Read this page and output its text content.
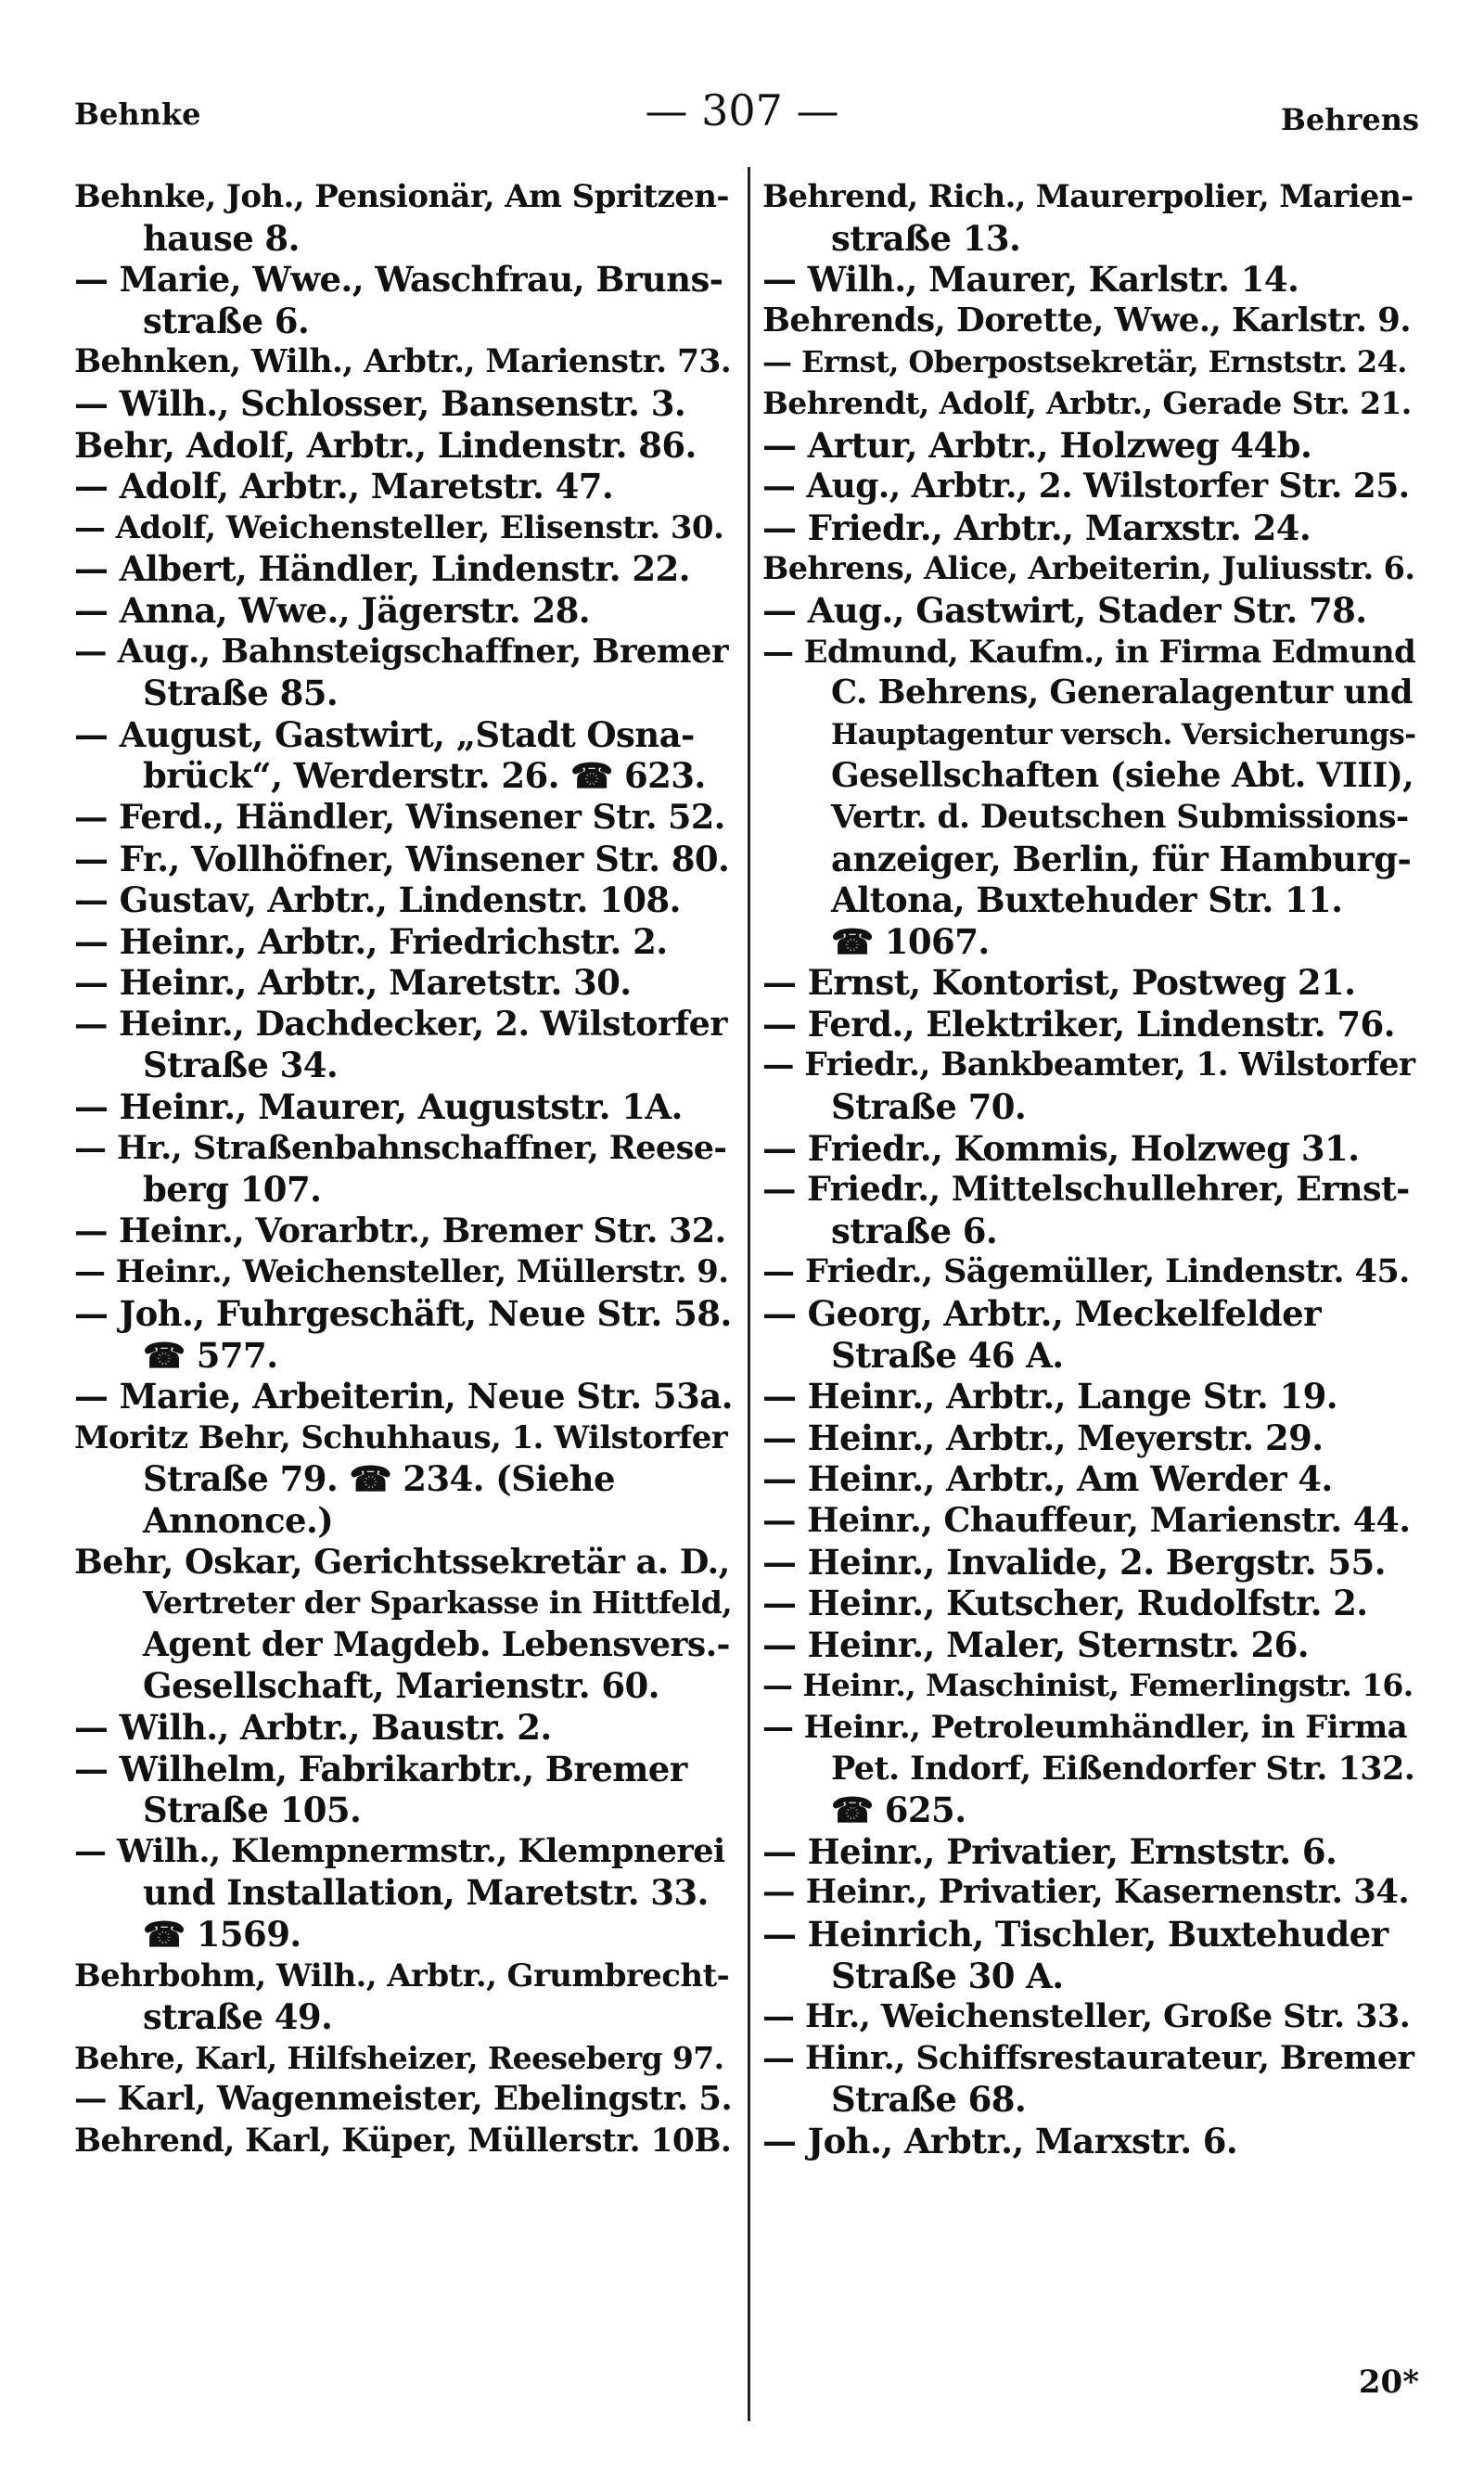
Behnke	— 307 —	Behrens
Behnke, Joh., Pensionär, Am Spritzen-
hause 8.
— Marie, Wwe., Waschfrau, Bruns-
straße 6.
Behnken, Wilh., Arbtr., Marienstr. 73.
— Wilh., Schlosser, Bansenstr. 3.
Behr, Adolf, Arbtr., Lindenstr. 86.
— Adolf, Arbtr., Maretstr. 47.
— Adolf, Weichensteller, Elisenstr. 30.
— Albert, Händler, Lindenstr. 22.
— Anna, Wwe., Jägerstr. 28.
— Aug., Bahnsteigschaffner, Bremer
Straße 85.
— August, Gastwirt, „Stadt Osna-
brück“, Werderstr. 26. ☎ 623.
— Ferd., Händler, Winsener Str. 52.
— Fr., Vollhöfner, Winsener Str. 80.
— Gustav, Arbtr., Lindenstr. 108.
— Heinr., Arbtr., Friedrichstr. 2.
— Heinr., Arbtr., Maretstr. 30.
— Heinr., Dachdecker, 2. Wilstorfer
Straße 34.
— Heinr., Maurer, Auguststr. 1A.
— Hr., Straßenbahnschaffner, Reese-
berg 107.
— Heinr., Vorarbtr., Bremer Str. 32.
— Heinr., Weichensteller, Müllerstr. 9.
— Joh., Fuhrgeschäft, Neue Str. 58.
☎ 577.
— Marie, Arbeiterin, Neue Str. 53a.
Moritz Behr, Schuhhaus, 1. Wilstorfer
Straße 79. ☎ 234. (Siehe
Annonce.)
Behr, Oskar, Gerichtssekretär a. D.,
Vertreter der Sparkasse in Hittfeld,
Agent der Magdeb. Lebensvers.-
Gesellschaft, Marienstr. 60.
— Wilh., Arbtr., Baustr. 2.
— Wilhelm, Fabrikarbtr., Bremer
Straße 105.
— Wilh., Klempnermstr., Klempnerei
und Installation, Maretstr. 33.
☎ 1569.
Behrbohm, Wilh., Arbtr., Grumbrecht-
straße 49.
Behre, Karl, Hilfsheizer, Reeseberg 97.
— Karl, Wagenmeister, Ebelingstr. 5.
Behrend, Karl, Küper, Müllerstr. 10B.
Behrend, Rich., Maurerpolier, Marien-
straße 13.
— Wilh., Maurer, Karlstr. 14.
Behrends, Dorette, Wwe., Karlstr. 9.
— Ernst, Oberpostsekretär, Ernststr. 24.
Behrendt, Adolf, Arbtr., Gerade Str. 21.
— Artur, Arbtr., Holzweg 44b.
— Aug., Arbtr., 2. Wilstorfer Str. 25.
— Friedr., Arbtr., Marxstr. 24.
Behrens, Alice, Arbeiterin, Juliusstr. 6.
— Aug., Gastwirt, Stader Str. 78.
— Edmund, Kaufm., in Firma Edmund
C. Behrens, Generalagentur und
Hauptagentur versch. Versicherungs-
Gesellschaften (siehe Abt. VIII),
Vertr. d. Deutschen Submissions-
anzeiger, Berlin, für Hamburg-
Altona, Buxtehuder Str. 11.
☎ 1067.
— Ernst, Kontorist, Postweg 21.
— Ferd., Elektriker, Lindenstr. 76.
— Friedr., Bankbeamter, 1. Wilstorfer
Straße 70.
— Friedr., Kommis, Holzweg 31.
— Friedr., Mittelschullehrer, Ernst-
straße 6.
— Friedr., Sägemüller, Lindenstr. 45.
— Georg, Arbtr., Meckelfelder
Straße 46 A.
— Heinr., Arbtr., Lange Str. 19.
— Heinr., Arbtr., Meyerstr. 29.
— Heinr., Arbtr., Am Werder 4.
— Heinr., Chauffeur, Marienstr. 44.
— Heinr., Invalide, 2. Bergstr. 55.
— Heinr., Kutscher, Rudolfstr. 2.
— Heinr., Maler, Sternstr. 26.
— Heinr., Maschinist, Femerlingstr. 16.
— Heinr., Petroleumhändler, in Firma
Pet. Indorf, Eißendorfer Str. 132.
☎ 625.
— Heinr., Privatier, Ernststr. 6.
— Heinr., Privatier, Kasernenstr. 34.
— Heinrich, Tischler, Buxtehuder
Straße 30 A.
— Hr., Weichensteller, Große Str. 33.
— Hinr., Schiffsrestaurateur, Bremer
Straße 68.
— Joh., Arbtr., Marxstr. 6.
20*
